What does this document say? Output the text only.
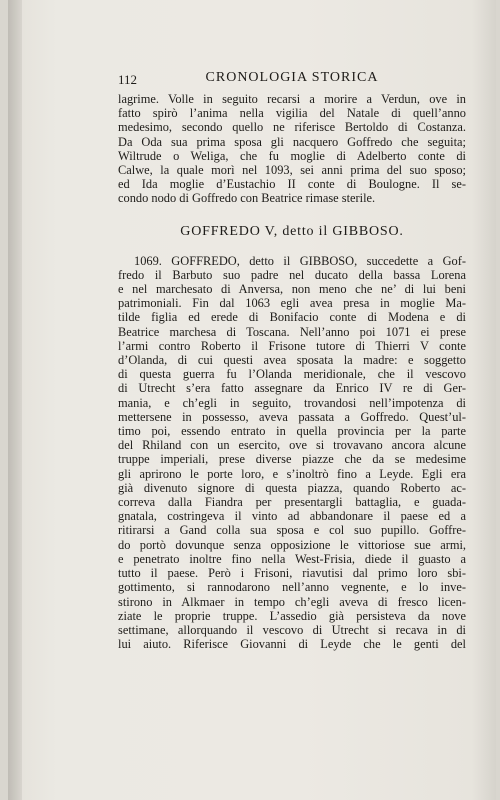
112	CRONOLOGIA STORICA

lagrime. Volle in seguito recarsi a morire a Verdun, ove in

fatto spirò l’anima nella vigilia del Natale di quell’anno

medesimo, secondo quello ne riferisce Bertoldo di Costanza.

Da Oda sua prima sposa gli nacquero Goffredo che seguita;

Wiltrude o Weliga, che fu moglie di Adelberto conte di

Calwe, la quale morì nel 1093, sei anni prima del suo sposo;

ed Ida moglie d’Eustachio II conte di Boulogne. Il se-

condo nodo di Goffredo con Beatrice rimase sterile.

GOFFREDO V, detto il GIBBOSO.

1069. GOFFREDO, detto il GIBBOSO, succedette a Gof-

fredo il Barbuto suo padre nel ducato della bassa Lorena

e nel marchesato di Anversa, non meno che ne’ di lui beni

patrimoniali. Fin dal 1063 egli avea presa in moglie Ma-

tilde figlia ed erede di Bonifacio conte di Modena e di

Beatrice marchesa di Toscana. Nell’anno poi 1071 ei prese

l’armi contro Roberto il Frisone tutore di Thierri V conte

d’Olanda, di cui questi avea sposata la madre: e soggetto

di questa guerra fu l’Olanda meridionale, che il vescovo

di Utrecht s’era fatto assegnare da Enrico IV re di Ger-

mania, e ch’egli in seguito, trovandosi nell’impotenza di

mettersene in possesso, aveva passata a Goffredo. Quest’ul-

timo poi, essendo entrato in quella provincia per la parte

del Rhiland con un esercito, ove si trovavano ancora alcune

truppe imperiali, prese diverse piazze che da se medesime

gli aprirono le porte loro, e s’inoltrò fino a Leyde. Egli era

già divenuto signore di questa piazza, quando Roberto ac-

correva dalla Fiandra per presentargli battaglia, e guada-

gnatala, costringeva il vinto ad abbandonare il paese ed a

ritirarsi a Gand colla sua sposa e col suo pupillo. Goffre-

do portò dovunque senza opposizione le vittoriose sue armi,

e penetrato inoltre fino nella West-Frisia, diede il guasto a

tutto il paese. Però i Frisoni, riavutisi dal primo loro sbi-

gottimento, si rannodarono nell’anno vegnente, e lo inve-

stirono in Alkmaer in tempo ch’egli aveva di fresco licen-

ziate le proprie truppe. L’assedio già persisteva da nove

settimane, allorquando il vescovo di Utrecht si recava in di

lui aiuto. Riferisce Giovanni di Leyde che le genti del
